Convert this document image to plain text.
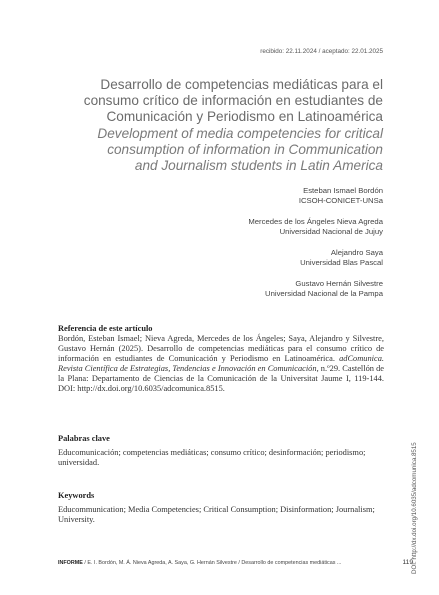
recibido: 22.11.2024 / aceptado: 22.01.2025
Desarrollo de competencias mediáticas para el
consumo crítico de información en estudiantes de
Comunicación y Periodismo en Latinoamérica
Development of media competencies for critical
consumption of information in Communication
and Journalism students in Latin America
Esteban Ismael Bordón
ICSOH-CONICET-UNSa
Mercedes de los Ángeles Nieva Agreda
Universidad Nacional de Jujuy
Alejandro Saya
Universidad Blas Pascal
Gustavo Hernán Silvestre
Universidad Nacional de la Pampa

Referencia de este artículo

Bordón, Esteban Ismael; Nieva Agreda, Mercedes de los Ángeles; Saya, Alejandro y Silvestre, Gustavo Hernán (2025). Desarrollo de competencias mediáticas para el consumo crítico de información en estudiantes de Comunicación y Periodismo en Latinoamérica. adComunica. Revista Científica de Estrategias, Tendencias e Innovación en Comunicación, n.º29. Castellón de la Plana: Departamento de Ciencias de la Comunicación de la Universitat Jaume I, 119-144. DOI: http://dx.doi.org/10.6035/adcomunica.8515.

Palabras clave

Educomunicación; competencias mediáticas; consumo crítico; desinformación; periodismo; universidad.

Keywords

Educommunication; Media Competencies; Critical Consumption; Disinformation; Journalism; University.	DOI: http://dx.doi.org/10.6035/adcomunica.8515
INFORME / E. I. Bordón, M. Á. Nieva Agreda, A. Saya, G. Hernán Silvestre / Desarrollo de competencias mediáticas ...	119
